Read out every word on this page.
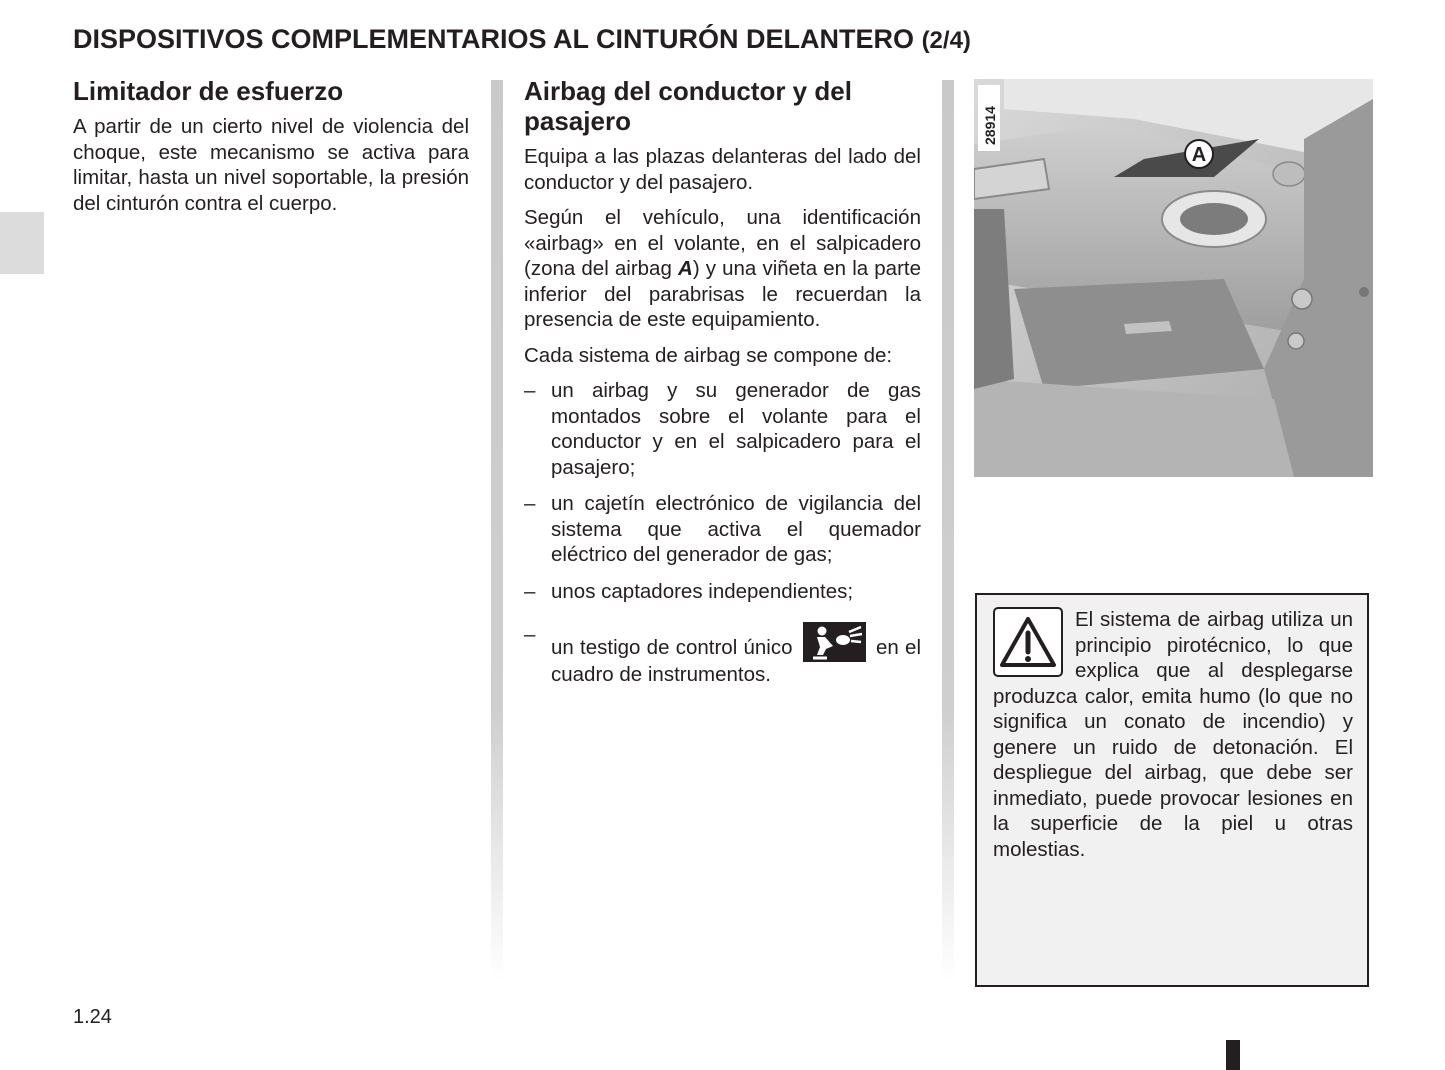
DISPOSITIVOS COMPLEMENTARIOS AL CINTURÓN DELANTERO (2/4)
Limitador de esfuerzo

A partir de un cierto nivel de violencia del choque, este mecanismo se activa para limitar, hasta un nivel soportable, la presión del cinturón contra el cuerpo.

Airbag del conductor y del pasajero

Equipa a las plazas delanteras del lado del conductor y del pasajero.

Según el vehículo, una identificación «airbag» en el volante, en el salpicadero (zona del airbag A) y una viñeta en la parte inferior del parabrisas le recuerdan la presencia de este equipamiento.

Cada sistema de airbag se compone de:

–
un airbag y su generador de gas montados sobre el volante para el conductor y en el salpicadero para el pasajero;
–
un cajetín electrónico de vigilancia del sistema que activa el quemador eléctrico del generador de gas;
–
unos captadores independientes;
–
un testigo de control único	en el cuadro de instrumentos.
A
28914

El sistema de airbag utiliza un principio pirotécnico, lo que explica que al desplegarse produzca calor, emita humo (lo que no significa un conato de incendio) y genere un ruido de detonación. El despliegue del airbag, que debe ser inmediato, puede provocar lesiones en la superficie de la piel u otras molestias.

1.24
